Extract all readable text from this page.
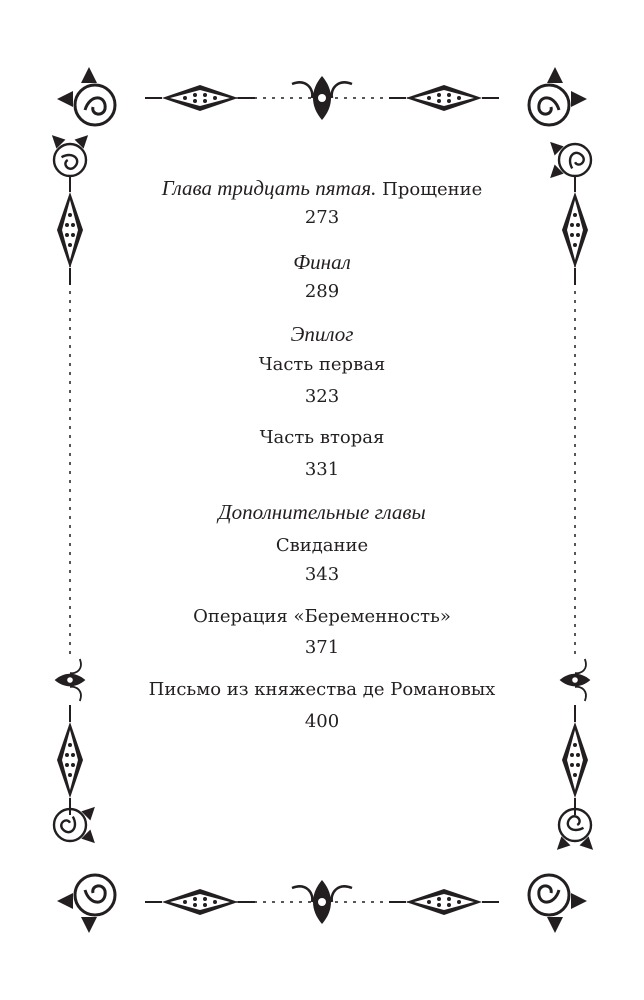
Глава тридцать пятая. Прощение
273
Финал
289
Эпилог
Часть первая
323
Часть вторая
331
Дополнительные главы
Свидание
343
Операция «Беременность»
371
Письмо из княжества де Романовых
400
